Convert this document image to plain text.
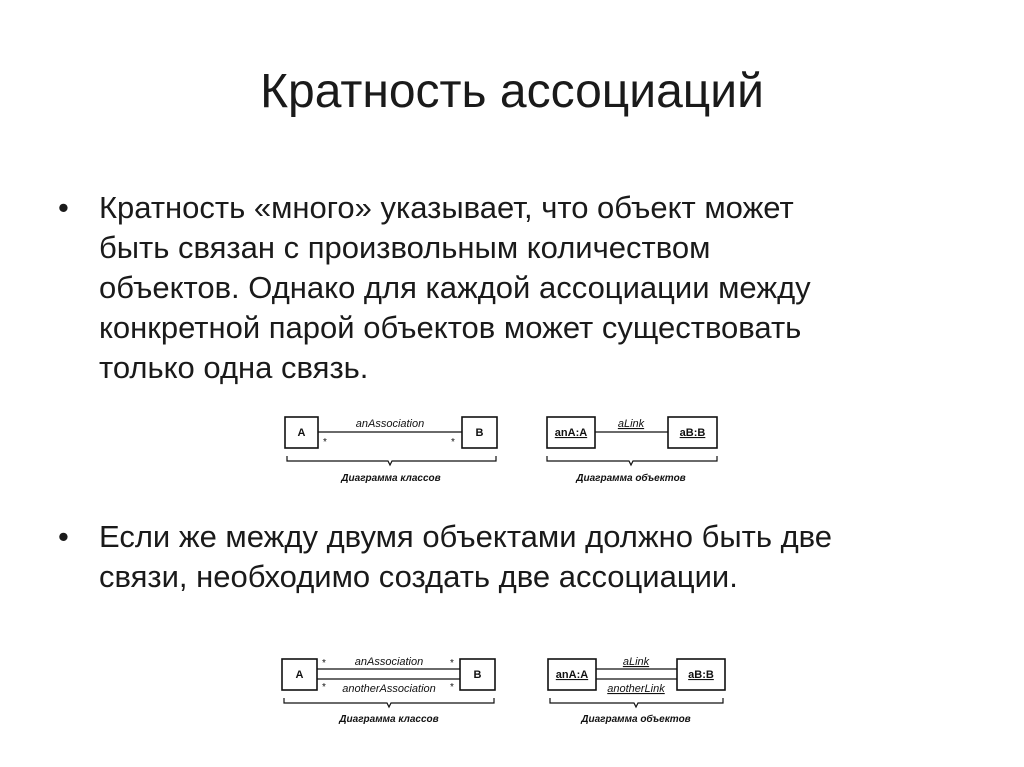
Кратность ассоциаций
• Кратность «много» указывает, что объект может
быть связан с произвольным количеством
объектов. Однако для каждой ассоциации между
конкретной парой объектов может существовать
только одна связь.
• Если же между двумя объектами должно быть две
связи, необходимо создать две ассоциации.
A	B
anAssociation
*	*
Диаграмма классов
anA:A	aB:B
aLink
Диаграмма объектов
A	B
anAssociation
anotherAssociation
*	*
*	*
Диаграмма классов
anA:A	aB:B
aLink
anotherLink
Диаграмма объектов
